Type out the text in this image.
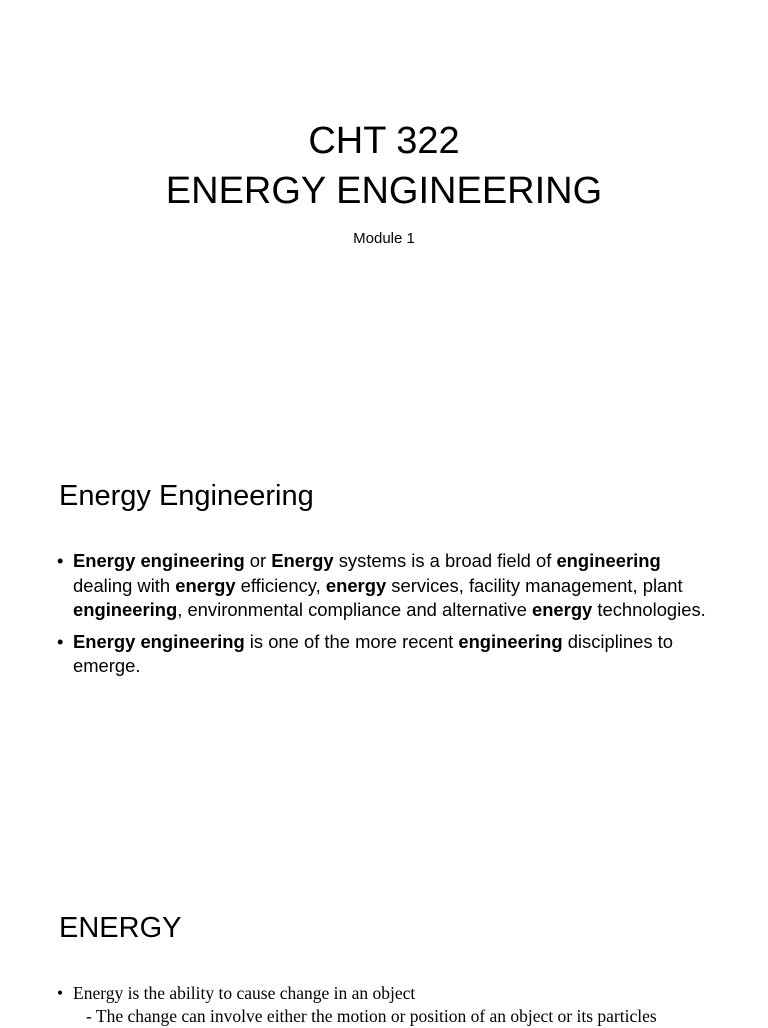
CHT 322
ENERGY ENGINEERING
Module 1
Energy Engineering
• Energy engineering or Energy systems is a broad field of engineering dealing with energy efficiency, energy services, facility management, plant engineering, environmental compliance and alternative energy technologies.
• Energy engineering is one of the more recent engineering disciplines to emerge.
ENERGY
• Energy is the ability to cause change in an object
- The change can involve either the motion or position of an object or its particles
